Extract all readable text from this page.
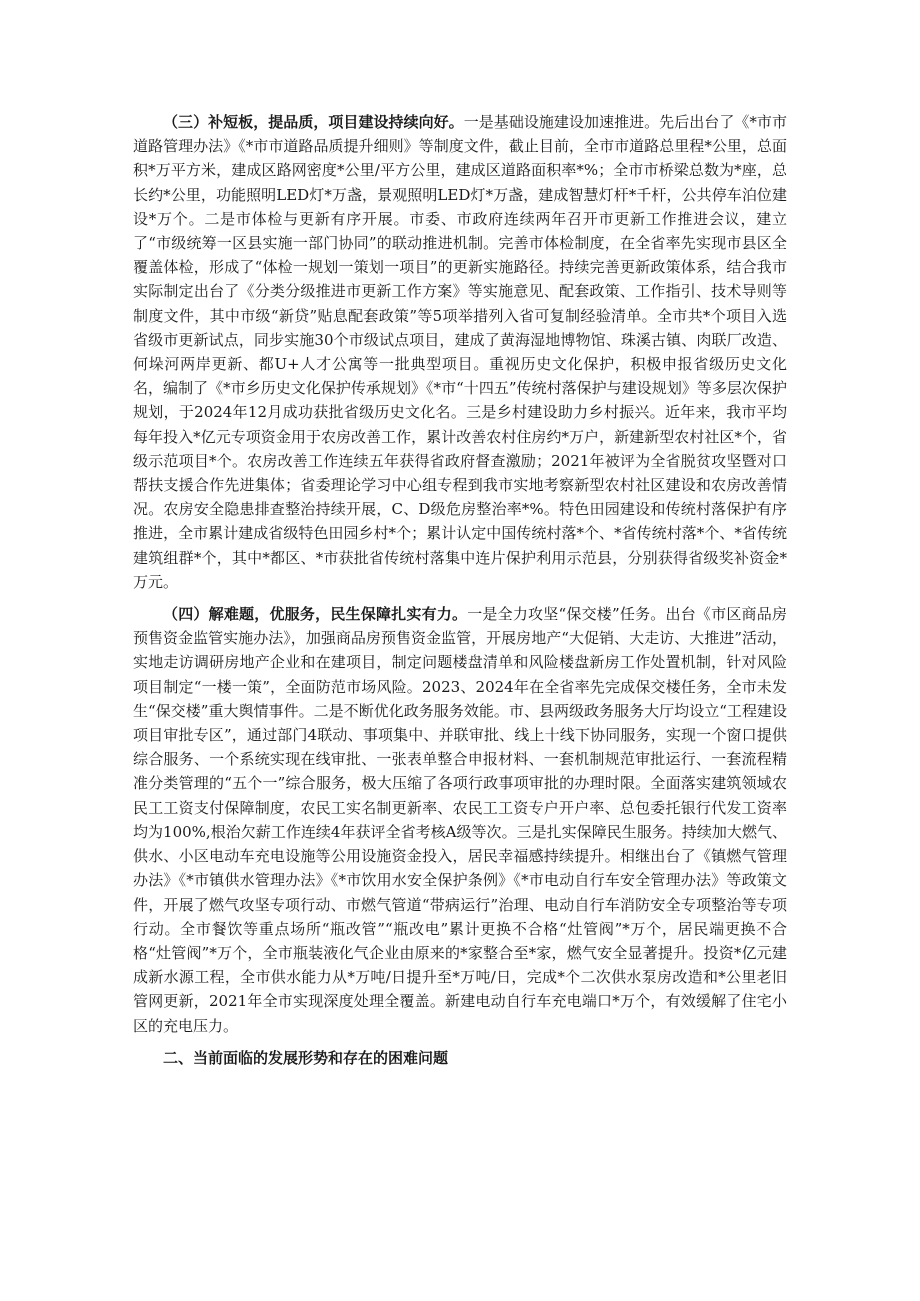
（三）补短板，提品质，项目建设持续向好。一是基础设施建设加速推进。先后出台了《*市市道路管理办法》《*市市道路品质提升细则》等制度文件，截止目前，全市市道路总里程*公里，总面积*万平方米，建成区路网密度*公里/平方公里，建成区道路面积率*%；全市市桥梁总数为*座，总长约*公里，功能照明LED灯*万盏，景观照明LED灯*万盏，建成智慧灯杆*千杆，公共停车泊位建设*万个。二是市体检与更新有序开展。市委、市政府连续两年召开市更新工作推进会议，建立了“市级统筹一区县实施一部门协同”的联动推进机制。完善市体检制度，在全省率先实现市县区全覆盖体检，形成了“体检一规划一策划一项目”的更新实施路径。持续完善更新政策体系，结合我市实际制定出台了《分类分级推进市更新工作方案》等实施意见、配套政策、工作指引、技术导则等制度文件，其中市级“新贷”贴息配套政策”等5项举措列入省可复制经验清单。全市共*个项目入选省级市更新试点，同步实施30个市级试点项目，建成了黄海湿地博物馆、珠溪古镇、肉联厂改造、何垛河两岸更新、都U+人才公寓等一批典型项目。重视历史文化保护，积极申报省级历史文化名，编制了《*市乡历史文化保护传承规划》《*市“十四五”传统村落保护与建设规划》等多层次保护规划，于2024年12月成功获批省级历史文化名。三是乡村建设助力乡村振兴。近年来，我市平均每年投入*亿元专项资金用于农房改善工作，累计改善农村住房约*万户，新建新型农村社区*个，省级示范项目*个。农房改善工作连续五年获得省政府督查激励；2021年被评为全省脱贫攻坚暨对口帮扶支援合作先进集体；省委理论学习中心组专程到我市实地考察新型农村社区建设和农房改善情况。农房安全隐患排查整治持续开展，C、D级危房整治率*%。特色田园建设和传统村落保护有序推进，全市累计建成省级特色田园乡村*个；累计认定中国传统村落*个、*省传统村落*个、*省传统建筑组群*个，其中*都区、*市获批省传统村落集中连片保护利用示范县，分别获得省级奖补资金*万元。

（四）解难题，优服务，民生保障扎实有力。一是全力攻坚“保交楼”任务。出台《市区商品房预售资金监管实施办法》，加强商品房预售资金监管，开展房地产“大促销、大走访、大推进”活动，实地走访调研房地产企业和在建项目，制定问题楼盘清单和风险楼盘新房工作处置机制，针对风险项目制定“一楼一策”，全面防范市场风险。2023、2024年在全省率先完成保交楼任务，全市未发生“保交楼”重大舆情事件。二是不断优化政务服务效能。市、县两级政务服务大厅均设立“工程建设项目审批专区”，通过部门4联动、事项集中、并联审批、线上十线下协同服务，实现一个窗口提供综合服务、一个系统实现在线审批、一张表单整合申报材料、一套机制规范审批运行、一套流程精准分类管理的“五个一”综合服务，极大压缩了各项行政事项审批的办理时限。全面落实建筑领域农民工工资支付保障制度，农民工实名制更新率、农民工工资专户开户率、总包委托银行代发工资率均为100%,根治欠薪工作连续4年获评全省考核A级等次。三是扎实保障民生服务。持续加大燃气、供水、小区电动车充电设施等公用设施资金投入，居民幸福感持续提升。相继出台了《镇燃气管理办法》《*市镇供水管理办法》《*市饮用水安全保护条例》《*市电动自行车安全管理办法》等政策文件，开展了燃气攻坚专项行动、市燃气管道“带病运行”治理、电动自行车消防安全专项整治等专项行动。全市餐饮等重点场所“瓶改管”“瓶改电”累计更换不合格“灶管阀”*万个，居民端更换不合格“灶管阀”*万个，全市瓶装液化气企业由原来的*家整合至*家，燃气安全显著提升。投资*亿元建成新水源工程，全市供水能力从*万吨/日提升至*万吨/日，完成*个二次供水泵房改造和*公里老旧管网更新，2021年全市实现深度处理全覆盖。新建电动自行车充电端口*万个，有效缓解了住宅小区的充电压力。

二、当前面临的发展形势和存在的困难问题
